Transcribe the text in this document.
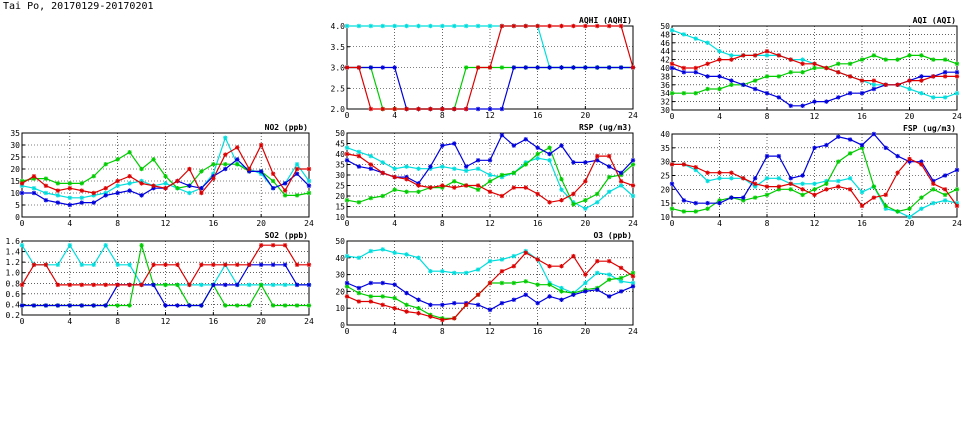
Tai Po, 20170129-20170201
0	4	8	12	16	20	24
2.0
2.5
3.0
3.5
4.0
AQHI (AQHI)
0	4	8	12	16	20	24
30
32
34
36
38
40
42
44
46
48
50
AQI (AQI)
0	4	8	12	16	20	24
0
5
10
15
20
25
30
35
NO2 (ppb)
0	4	8	12	16	20	24
10
15
20
25
30
35
40
45
50
RSP (ug/m3)
0	4	8	12	16	20	24
10
15
20
25
30
35
40
FSP (ug/m3)
0	4	8	12	16	20	24
0.2
0.4
0.6
0.8
1.0
1.2
1.4
1.6
SO2 (ppb)
0	4	8	12	16	20	24
0
10
20
30
40
50
O3 (ppb)
